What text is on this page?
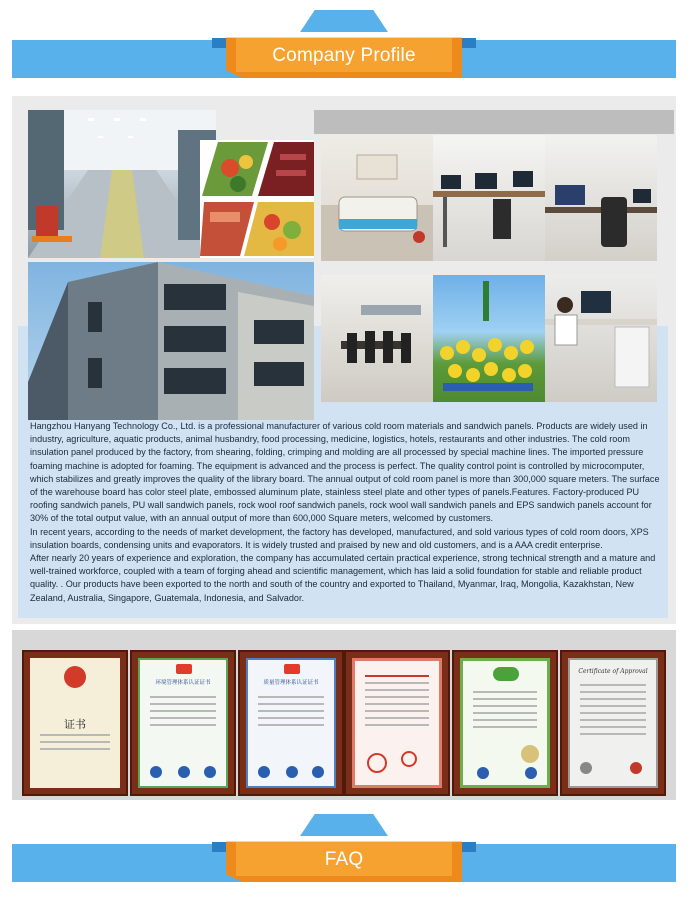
Company Profile

Hangzhou Hanyang Technology Co., Ltd. is a professional manufacturer of various cold room materials and sandwich panels. Products are widely used in industry, agriculture, aquatic products, animal husbandry, food processing, medicine, logistics, hotels, restaurants and other industries. The cold room insulation panel produced by the factory, from shearing, folding, crimping and molding are all processed by special machine lines. The imported pressure foaming machine is adopted for foaming. The equipment is advanced and the process is perfect. The quality control point is controlled by microcomputer, which stabilizes and greatly improves the quality of the library board. The annual output of cold room panel is more than 300,000 square meters. The surface of the warehouse board has color steel plate, embossed aluminum plate, stainless steel plate and other types of panels.Features. Factory-produced PU roofing sandwich panels, PU wall sandwich panels, rock wool roof sandwich panels, rock wool wall sandwich panels and EPS sandwich panels account for 30% of the total output value, with an annual output of more than 600,000 Square meters, welcomed by customers.

In recent years, according to the needs of market development, the factory has developed, manufactured, and sold various types of cold room doors, XPS insulation boards, condensing units and evaporators. It is widely trusted and praised by new and old customers, and is a AAA credit enterprise.

After nearly 20 years of experience and exploration, the company has accumulated certain practical experience, strong technical strength and a mature and well-trained workforce, coupled with a team of forging ahead and scientific management, which has laid a solid foundation for stable and reliable product quality. . Our products have been exported to the north and south of the country and exported to Thailand, Myanmar, Iraq, Mongolia, Kazakhstan, New Zealand, Australia, Singapore, Guatemala, Indonesia, and Salvador.

证书
环境管理体系认证证书	质量管理体系认证证书
Certificate of Approval
FAQ
